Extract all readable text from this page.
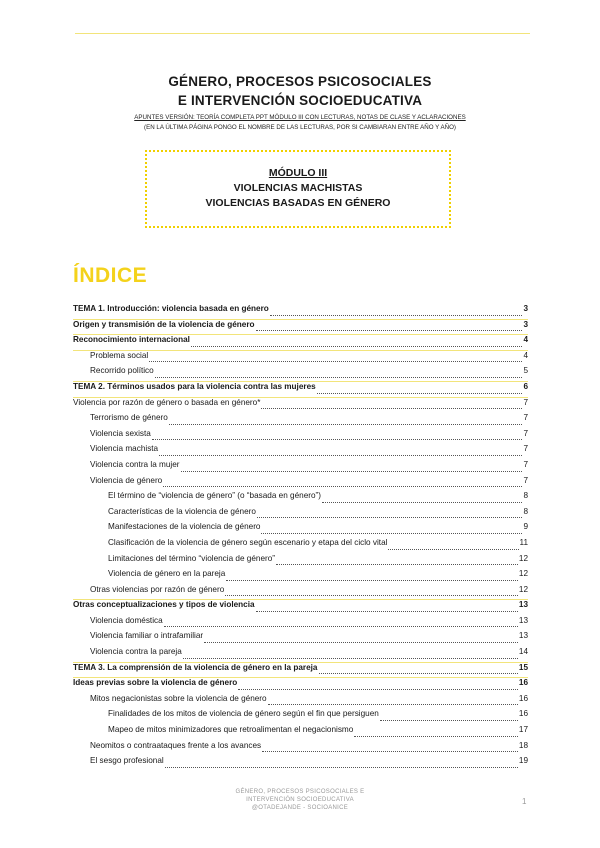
GÉNERO, PROCESOS PSICOSOCIALES
E INTERVENCIÓN SOCIOEDUCATIVA
APUNTES VERSIÓN: TEORÍA COMPLETA PPT MÓDULO III CON LECTURAS, NOTAS DE CLASE Y ACLARACIONES
(EN LA ÚLTIMA PÁGINA PONGO EL NOMBRE DE LAS LECTURAS, POR SI CAMBIARAN ENTRE AÑO Y AÑO)
MÓDULO III
VIOLENCIAS MACHISTAS
VIOLENCIAS BASADAS EN GÉNERO
ÍNDICE
TEMA 1. Introducción: violencia basada en género	3
Origen y transmisión de la violencia de género	3
Reconocimiento internacional	4
Problema social	4
Recorrido político	5
TEMA 2. Términos usados para la violencia contra las mujeres	6
Violencia por razón de género o basada en género*	7
Terrorismo de género	7
Violencia sexista	7
Violencia machista	7
Violencia contra la mujer	7
Violencia de género	7
El término de “violencia de género” (o “basada en género”)	8
Características de la violencia de género	8
Manifestaciones de la violencia de género	9
Clasificación de la violencia de género según escenario y etapa del ciclo vital	11
Limitaciones del término “violencia de género”	12
Violencia de género en la pareja	12
Otras violencias por razón de género	12
Otras conceptualizaciones y tipos de violencia	13
Violencia doméstica	13
Violencia familiar o intrafamiliar	13
Violencia contra la pareja	14
TEMA 3. La comprensión de la violencia de género en la pareja	15
Ideas previas sobre la violencia de género	16
Mitos negacionistas sobre la violencia de género	16
Finalidades de los mitos de violencia de género según el fin que persiguen	16
Mapeo de mitos minimizadores que retroalimentan el negacionismo	17
Neomitos o contraataques frente a los avances	18
El sesgo profesional	19
GÉNERO, PROCESOS PSICOSOCIALES E
INTERVENCIÓN SOCIOEDUCATIVA
@OTADEJANDE - SOCIOANICE
1
